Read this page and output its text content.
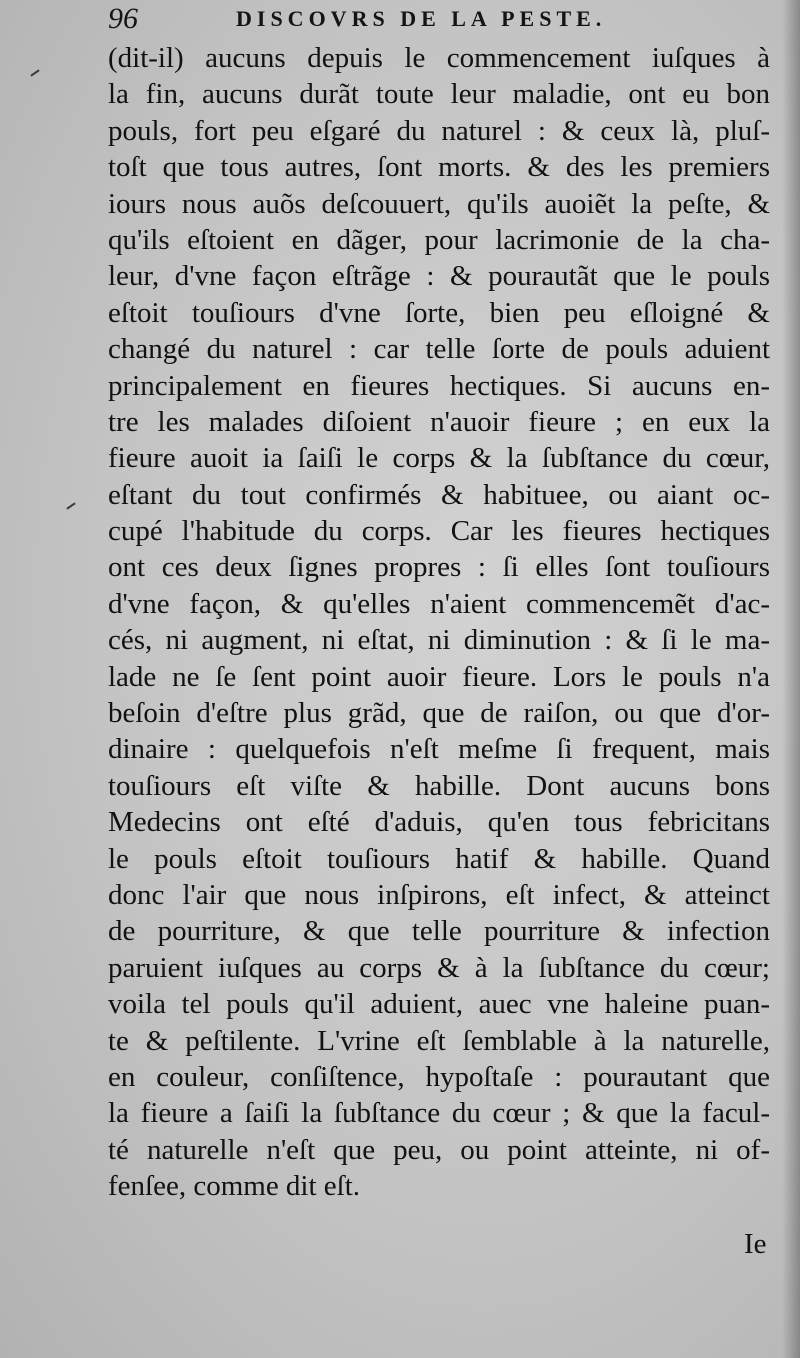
96	DISCOVRS DE LA PESTE.
(dit-il) aucuns depuis le commencement iuſques à
la fin, aucuns durãt toute leur maladie, ont eu bon
pouls, fort peu eſgaré du naturel : & ceux là, pluſ-
toſt que tous autres, ſont morts. & des les premiers
iours nous auõs deſcouuert, qu'ils auoiẽt la peſte, &
qu'ils eſtoient en dãger, pour lacrimonie de la cha-
leur, d'vne façon eſtrãge : & pourautãt que le pouls
eſtoit touſiours d'vne ſorte, bien peu eſloigné &
changé du naturel : car telle ſorte de pouls aduient
principalement en fieures hectiques. Si aucuns en-
tre les malades diſoient n'auoir fieure ; en eux la
fieure auoit ia ſaiſi le corps & la ſubſtance du cœur,
eſtant du tout confirmés & habituee, ou aiant oc-
cupé l'habitude du corps. Car les fieures hectiques
ont ces deux ſignes propres : ſi elles ſont touſiours
d'vne façon, & qu'elles n'aient commencemẽt d'ac-
cés, ni augment, ni eſtat, ni diminution : & ſi le ma-
lade ne ſe ſent point auoir fieure. Lors le pouls n'a
beſoin d'eſtre plus grãd, que de raiſon, ou que d'or-
dinaire : quelquefois n'eſt meſme ſi frequent, mais
touſiours eſt viſte & habille. Dont aucuns bons
Medecins ont eſté d'aduis, qu'en tous febricitans
le pouls eſtoit touſiours hatif & habille. Quand
donc l'air que nous inſpirons, eſt infect, & atteinct
de pourriture, & que telle pourriture & infection
paruient iuſques au corps & à la ſubſtance du cœur;
voila tel pouls qu'il aduient, auec vne haleine puan-
te & peſtilente. L'vrine eſt ſemblable à la naturelle,
en couleur, conſiſtence, hypoſtaſe : pourautant que
la fieure a ſaiſi la ſubſtance du cœur ; & que la facul-
té naturelle n'eſt que peu, ou point atteinte, ni of-
fenſee, comme dit eſt.
Ie
